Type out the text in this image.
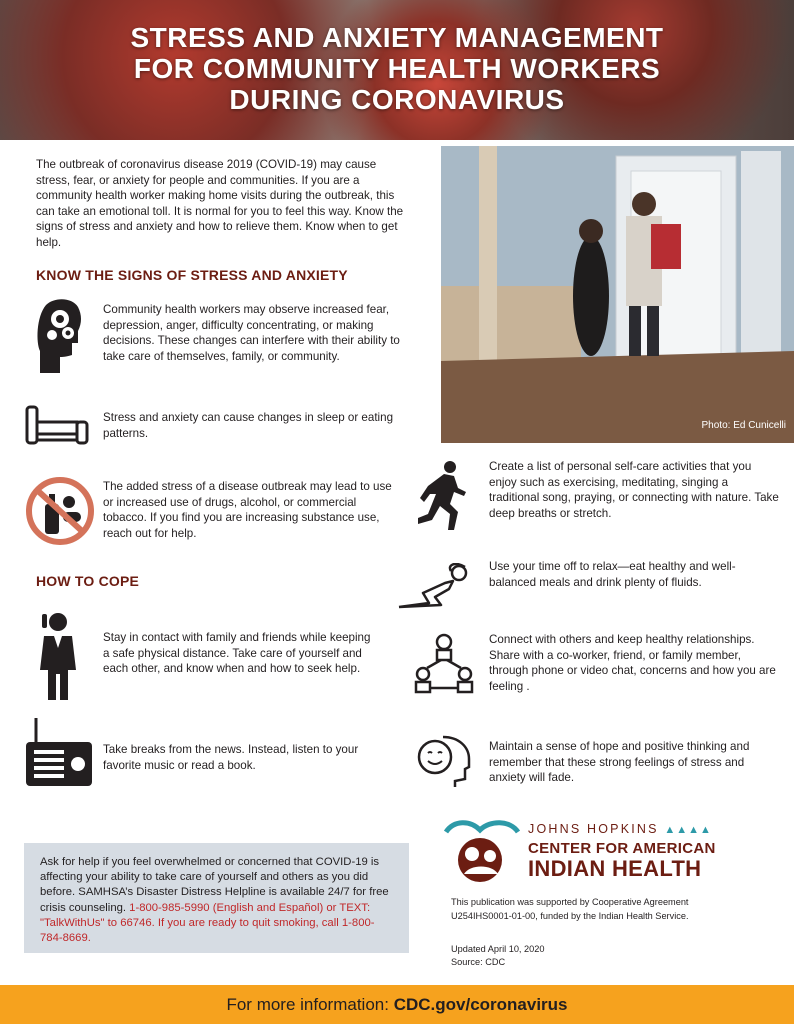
STRESS AND ANXIETY MANAGEMENT
FOR COMMUNITY HEALTH WORKERS
DURING CORONAVIRUS

The outbreak of coronavirus disease 2019 (COVID-19) may cause stress, fear, or anxiety for people and communities. If you are a community health worker making home visits during the outbreak, this can take an emotional toll. It is normal for you to feel this way. Know the signs of stress and anxiety and how to relieve them. Know when to get help.

Photo: Ed Cunicelli
KNOW THE SIGNS OF STRESS AND ANXIETY

Community health workers may observe increased fear, depression, anger, difficulty concentrating, or making decisions. These changes can interfere with their ability to take care of themselves, family, or community.

Stress and anxiety can cause changes in sleep or eating patterns.

The added stress of a disease outbreak may lead to use or increased use of drugs, alcohol, or commercial tobacco. If you find you are increasing substance use, reach out for help.

HOW TO COPE

Stay in contact with family and friends while keeping a safe physical distance. Take care of yourself and each other, and know when and how to seek help.

Take breaks from the news. Instead, listen to your favorite music or read a book.

Create a list of personal self-care activities that you enjoy such as exercising, meditating, singing a traditional song, praying, or connecting with nature. Take deep breaths or stretch.

Use your time off to relax—eat healthy and well-balanced meals and drink plenty of fluids.

Connect with others and keep healthy relationships. Share with a co-worker, friend, or family member, through phone or video chat, concerns and how you are feeling .

Maintain a sense of hope and positive thinking and remember that these strong feelings of stress and anxiety will fade.

Ask for help if you feel overwhelmed or concerned that COVID-19 is affecting your ability to take care of yourself and others as you did before. SAMHSA’s Disaster Distress Helpline is available 24/7 for free crisis counseling. 1-800-985-5990 (English and Español) or TEXT: "TalkWithUs" to 66746. If you are ready to quit smoking, call 1-800-784-8669.
JOHNS HOPKINS ▲▲▲▲
CENTER FOR AMERICAN
INDIAN HEALTH

This publication was supported by Cooperative Agreement U254IHS0001-01-00, funded by the Indian Health Service.

Updated April 10, 2020
Source: CDC
For more information: CDC.gov/coronavirus
